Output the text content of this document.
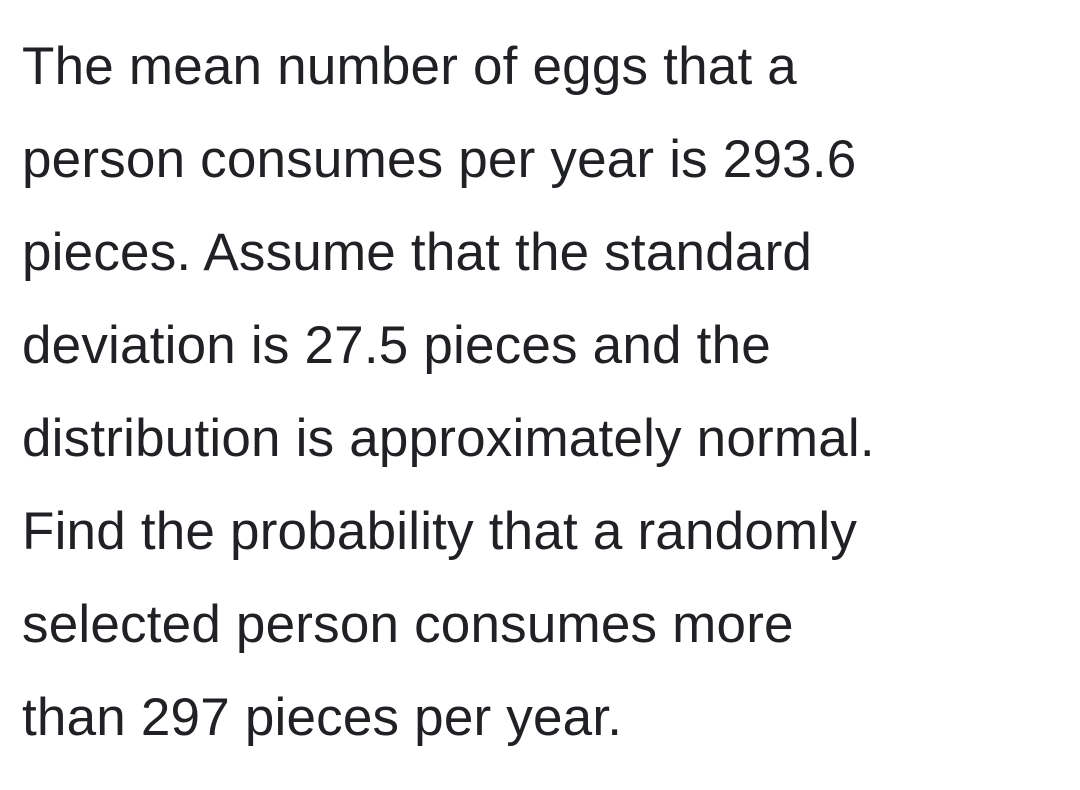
The mean number of eggs that a
person consumes per year is 293.6
pieces. Assume that the standard
deviation is 27.5 pieces and the
distribution is approximately normal.
Find the probability that a randomly
selected person consumes more
than 297 pieces per year.
